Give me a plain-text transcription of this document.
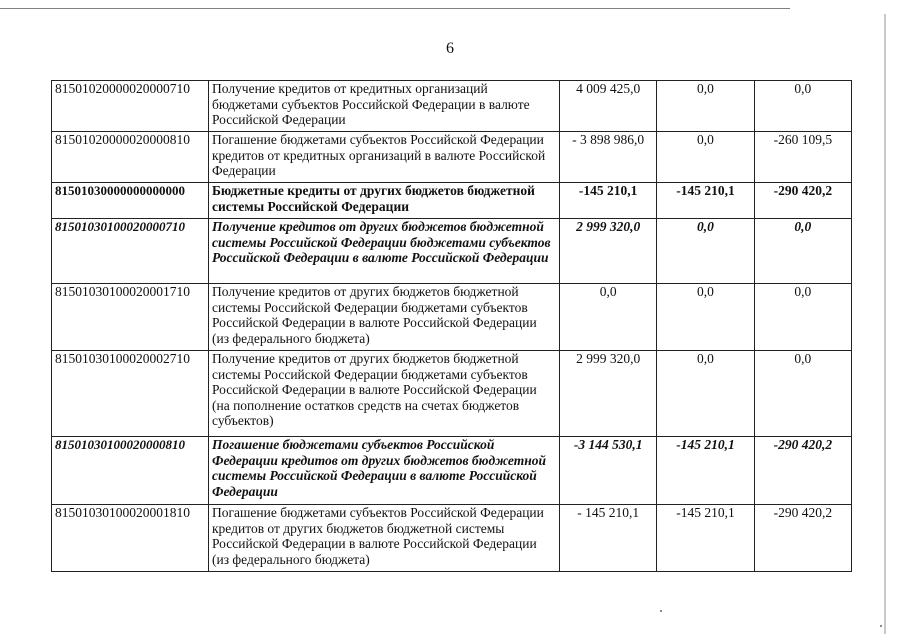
6
81501020000020000710	Получение кредитов от кредитных организаций бюджетами субъектов Российской Федерации в валюте Российской Федерации	4 009 425,0	0,0	0,0
81501020000020000810	Погашение бюджетами субъектов Российской Федерации кредитов от кредитных организаций в валюте Российской Федерации	- 3 898 986,0	0,0	-260 109,5
81501030000000000000	Бюджетные кредиты от других бюджетов бюджетной системы Российской Федерации	-145 210,1	-145 210,1	-290 420,2
81501030100020000710	Получение кредитов от других бюджетов бюджетной системы Российской Федерации бюджетами субъектов Российской Федерации в валюте Российской Федерации	2 999 320,0	0,0	0,0
81501030100020001710	Получение кредитов от других бюджетов бюджетной системы Российской Федерации бюджетами субъектов Российской Федерации в валюте Российской Федерации (из федерального бюджета)	0,0	0,0	0,0
81501030100020002710	Получение кредитов от других бюджетов бюджетной системы Российской Федерации бюджетами субъектов Российской Федерации в валюте Российской Федерации (на пополнение остатков средств на счетах бюджетов субъектов)	2 999 320,0	0,0	0,0
81501030100020000810	Погашение бюджетами субъектов Российской Федерации кредитов от других бюджетов бюджетной системы Российской Федерации в валюте Российской Федерации	-3 144 530,1	-145 210,1	-290 420,2
81501030100020001810	Погашение бюджетами субъектов Российской Федерации кредитов от других бюджетов бюджетной системы Российской Федерации в валюте Российской Федерации (из федерального бюджета)	- 145 210,1	-145 210,1	-290 420,2
